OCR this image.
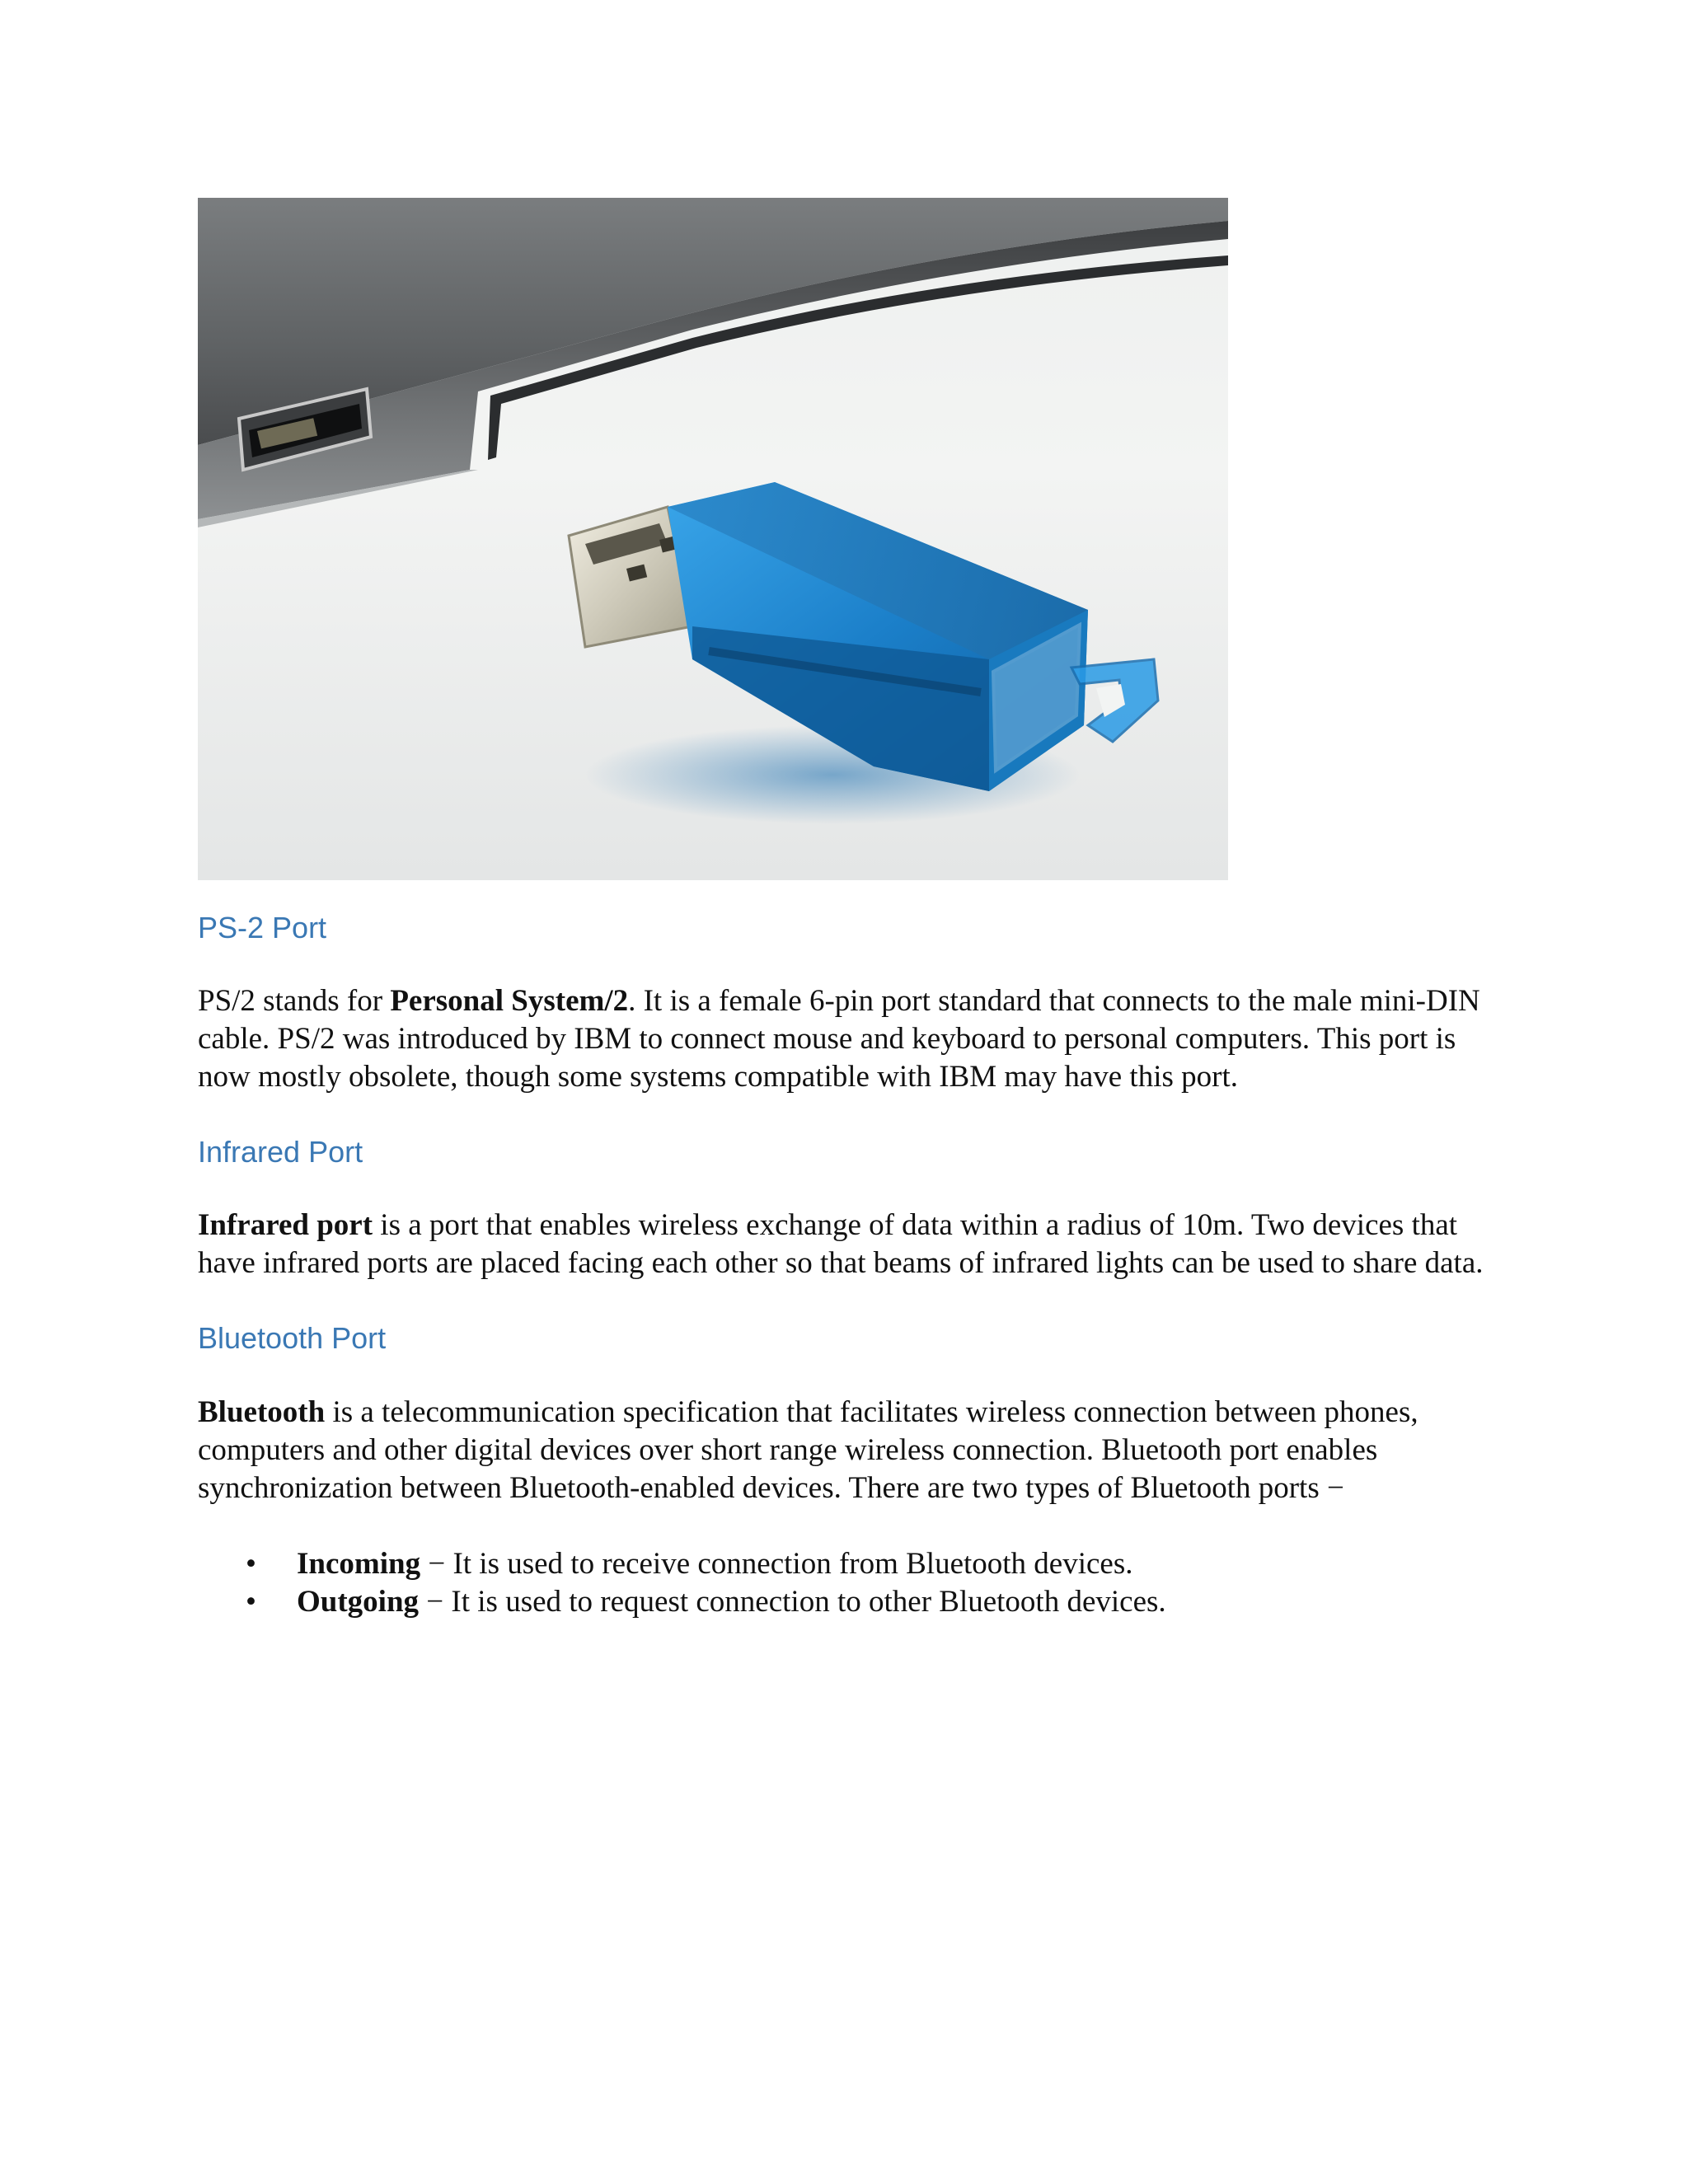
PS-2 Port

PS/2 stands for Personal System/2. It is a female 6-pin port standard that connects to the male mini-DIN cable. PS/2 was introduced by IBM to connect mouse and keyboard to personal computers. This port is now mostly obsolete, though some systems compatible with IBM may have this port.

Infrared Port

Infrared port is a port that enables wireless exchange of data within a radius of 10m. Two devices that have infrared ports are placed facing each other so that beams of infrared lights can be used to share data.

Bluetooth Port

Bluetooth is a telecommunication specification that facilitates wireless connection between phones, computers and other digital devices over short range wireless connection. Bluetooth port enables synchronization between Bluetooth-enabled devices. There are two types of Bluetooth ports −

• Incoming − It is used to receive connection from Bluetooth devices.
• Outgoing − It is used to request connection to other Bluetooth devices.
